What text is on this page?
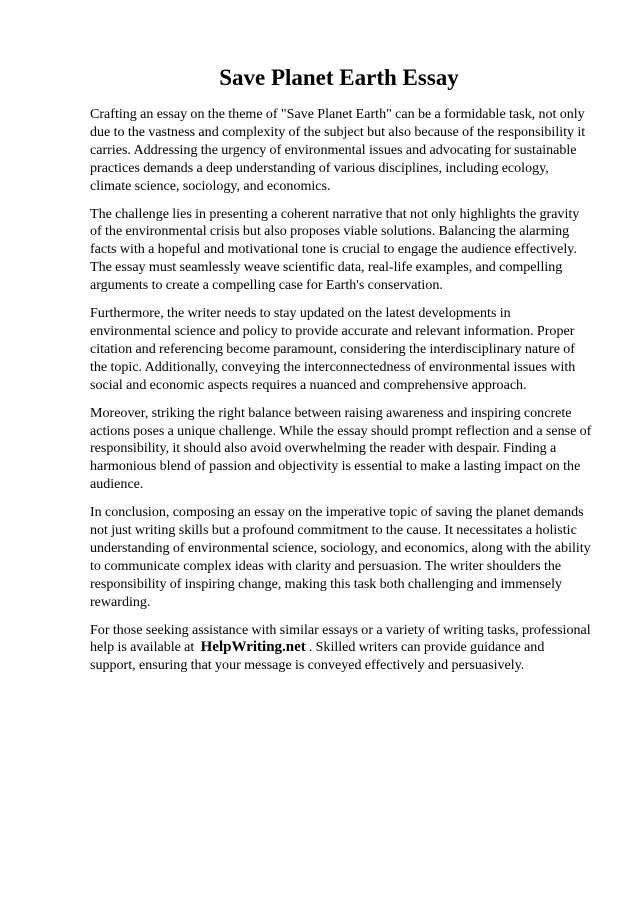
Save Planet Earth Essay

Crafting an essay on the theme of "Save Planet Earth" can be a formidable task, not only due to the vastness and complexity of the subject but also because of the responsibility it carries. Addressing the urgency of environmental issues and advocating for sustainable practices demands a deep understanding of various disciplines, including ecology, climate science, sociology, and economics.

The challenge lies in presenting a coherent narrative that not only highlights the gravity of the environmental crisis but also proposes viable solutions. Balancing the alarming facts with a hopeful and motivational tone is crucial to engage the audience effectively. The essay must seamlessly weave scientific data, real-life examples, and compelling arguments to create a compelling case for Earth's conservation.

Furthermore, the writer needs to stay updated on the latest developments in environmental science and policy to provide accurate and relevant information. Proper citation and referencing become paramount, considering the interdisciplinary nature of the topic. Additionally, conveying the interconnectedness of environmental issues with social and economic aspects requires a nuanced and comprehensive approach.

Moreover, striking the right balance between raising awareness and inspiring concrete actions poses a unique challenge. While the essay should prompt reflection and a sense of responsibility, it should also avoid overwhelming the reader with despair. Finding a harmonious blend of passion and objectivity is essential to make a lasting impact on the audience.

In conclusion, composing an essay on the imperative topic of saving the planet demands not just writing skills but a profound commitment to the cause. It necessitates a holistic understanding of environmental science, sociology, and economics, along with the ability to communicate complex ideas with clarity and persuasion. The writer shoulders the responsibility of inspiring change, making this task both challenging and immensely rewarding.

For those seeking assistance with similar essays or a variety of writing tasks, professional help is available at HelpWriting.net . Skilled writers can provide guidance and support, ensuring that your message is conveyed effectively and persuasively.
